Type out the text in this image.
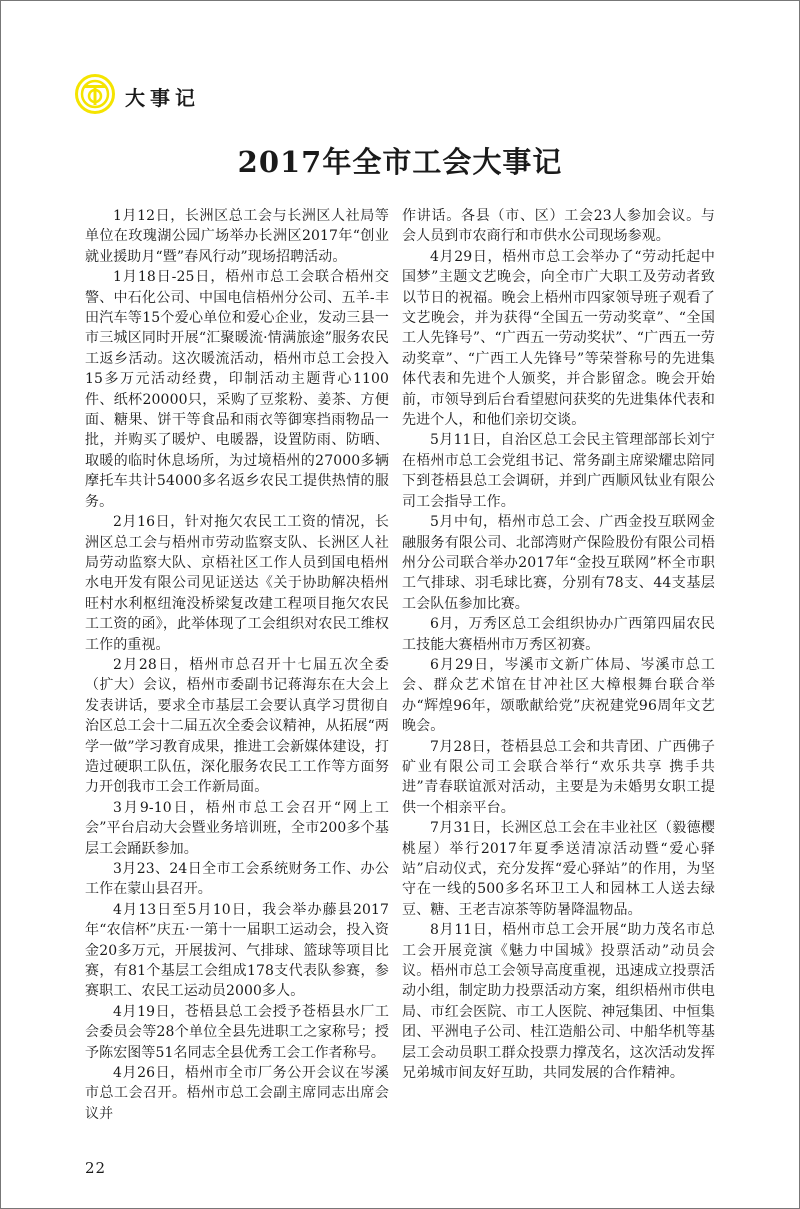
大事记
2017年全市工会大事记

1月12日，长洲区总工会与长洲区人社局等单位在玫瑰湖公园广场举办长洲区2017年“创业就业援助月“暨”春风行动”现场招聘活动。

1月18日-25日，梧州市总工会联合梧州交警、中石化公司、中国电信梧州分公司、五羊-丰田汽车等15个爱心单位和爱心企业，发动三县一市三城区同时开展“汇聚暖流·情满旅途”服务农民工返乡活动。这次暖流活动，梧州市总工会投入15多万元活动经费，印制活动主题背心1100件、纸杯20000只，采购了豆浆粉、姜茶、方便面、糖果、饼干等食品和雨衣等御寒挡雨物品一批，并购买了暖炉、电暖器，设置防雨、防晒、取暖的临时休息场所，为过境梧州的27000多辆摩托车共计54000多名返乡农民工提供热情的服务。

2月16日，针对拖欠农民工工资的情况，长洲区总工会与梧州市劳动监察支队、长洲区人社局劳动监察大队、京梧社区工作人员到国电梧州水电开发有限公司见证送达《关于协助解决梧州旺村水利枢纽淹没桥梁复改建工程项目拖欠农民工工资的函》，此举体现了工会组织对农民工维权工作的重视。

2月28日，梧州市总召开十七届五次全委（扩大）会议，梧州市委副书记蒋海东在大会上发表讲话，要求全市基层工会要认真学习贯彻自治区总工会十二届五次全委会议精神，从拓展“两学一做”学习教育成果，推进工会新媒体建设，打造过硬职工队伍，深化服务农民工工作等方面努力开创我市工会工作新局面。

3月9-10日，梧州市总工会召开“网上工会”平台启动大会暨业务培训班，全市200多个基层工会踊跃参加。

3月23、24日全市工会系统财务工作、办公工作在蒙山县召开。

4月13日至5月10日，我会举办藤县2017年“农信杯”庆五·一第十一届职工运动会，投入资金20多万元，开展拔河、气排球、篮球等项目比赛，有81个基层工会组成178支代表队参赛，参赛职工、农民工运动员2000多人。

4月19日，苍梧县总工会授予苍梧县水厂工会委员会等28个单位全县先进职工之家称号；授予陈宏图等51名同志全县优秀工会工作者称号。

4月26日，梧州市全市厂务公开会议在岑溪市总工会召开。梧州市总工会副主席同志出席会议并

22

作讲话。各县（市、区）工会23人参加会议。与会人员到市农商行和市供水公司现场参观。

4月29日，梧州市总工会举办了“劳动托起中国梦”主题文艺晚会，向全市广大职工及劳动者致以节日的祝福。晚会上梧州市四家领导班子观看了文艺晚会，并为获得“全国五一劳动奖章”、“全国工人先锋号”、“广西五一劳动奖状”、“广西五一劳动奖章”、“广西工人先锋号”等荣誉称号的先进集体代表和先进个人颁奖，并合影留念。晚会开始前，市领导到后台看望慰问获奖的先进集体代表和先进个人，和他们亲切交谈。

5月11日，自治区总工会民主管理部部长刘宁在梧州市总工会党组书记、常务副主席梁耀忠陪同下到苍梧县总工会调研，并到广西顺风钛业有限公司工会指导工作。

5月中旬，梧州市总工会、广西金投互联网金融服务有限公司、北部湾财产保险股份有限公司梧州分公司联合举办2017年“金投互联网”杯全市职工气排球、羽毛球比赛，分别有78支、44支基层工会队伍参加比赛。

6月，万秀区总工会组织协办广西第四届农民工技能大赛梧州市万秀区初赛。

6月29日，岑溪市文新广体局、岑溪市总工会、群众艺术馆在甘冲社区大樟根舞台联合举办“辉煌96年，颂歌献给党”庆祝建党96周年文艺晚会。

7月28日，苍梧县总工会和共青团、广西佛子矿业有限公司工会联合举行“欢乐共享 携手共进”青春联谊派对活动，主要是为未婚男女职工提供一个相亲平台。

7月31日，长洲区总工会在丰业社区（毅德樱桃屋）举行2017年夏季送清凉活动暨“爱心驿站”启动仪式，充分发挥“爱心驿站”的作用，为坚守在一线的500多名环卫工人和园林工人送去绿豆、糖、王老吉凉茶等防暑降温物品。

8月11日，梧州市总工会开展“助力茂名市总工会开展竞演《魅力中国城》投票活动”动员会议。梧州市总工会领导高度重视，迅速成立投票活动小组，制定助力投票活动方案，组织梧州市供电局、市红会医院、市工人医院、神冠集团、中恒集团、平洲电子公司、桂江造船公司、中船华机等基层工会动员职工群众投票力撑茂名，这次活动发挥兄弟城市间友好互助，共同发展的合作精神。
